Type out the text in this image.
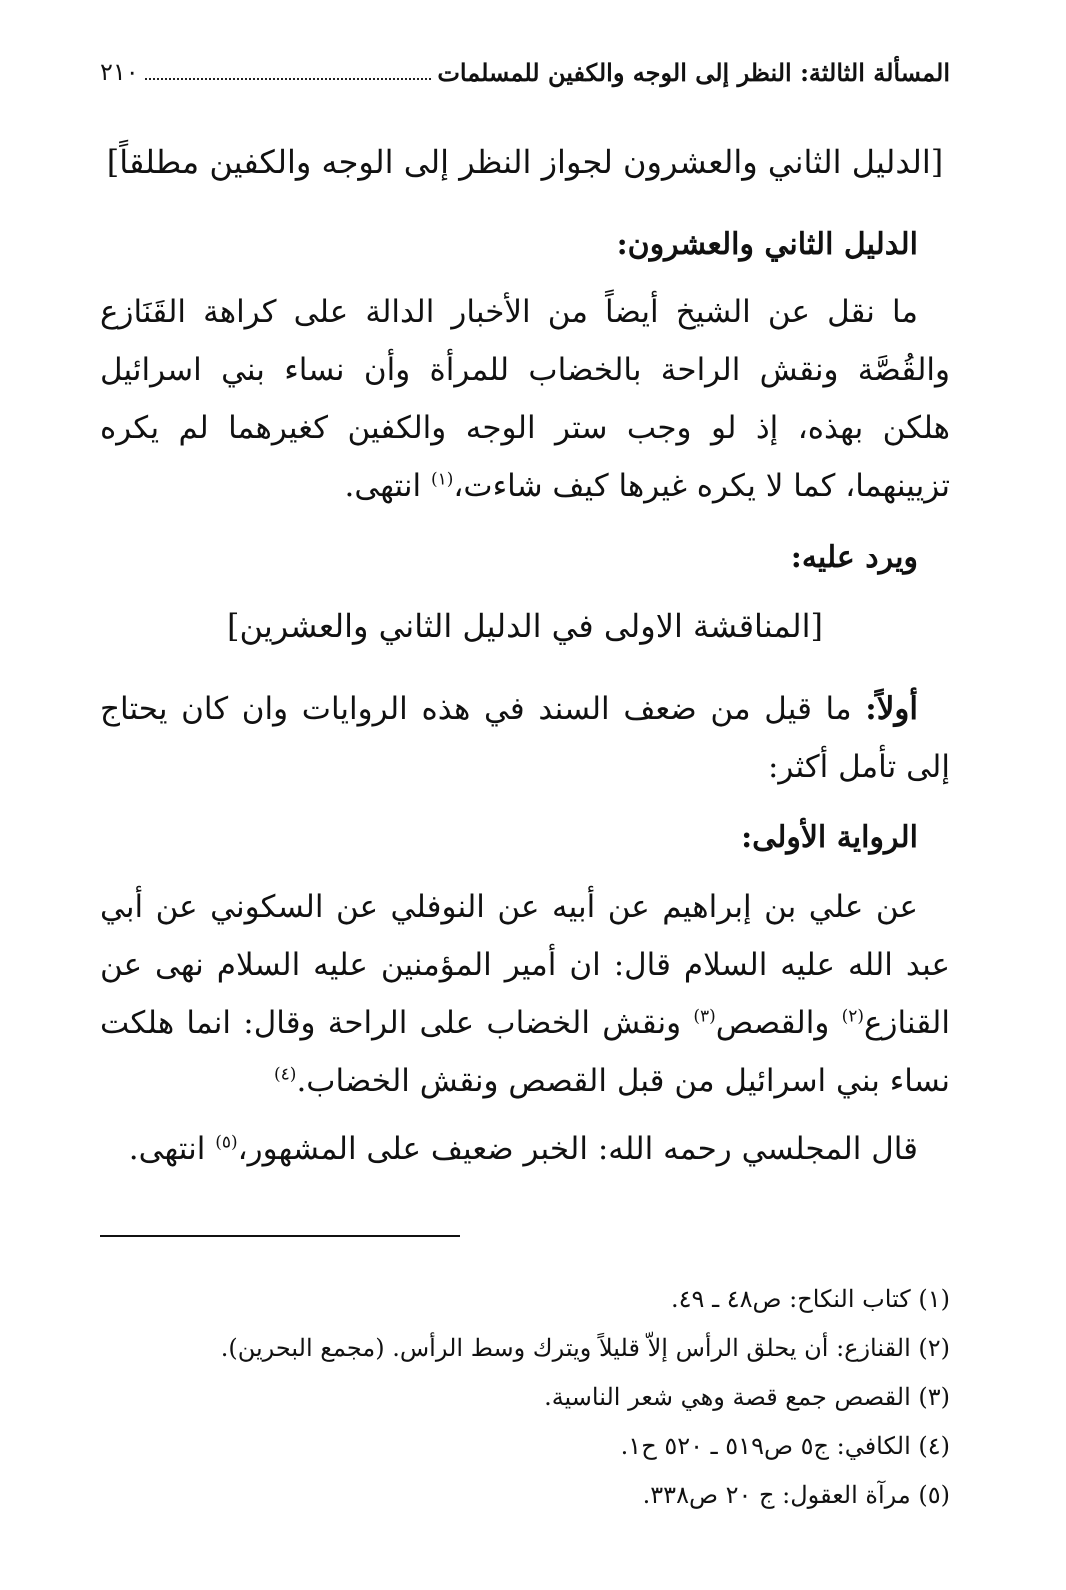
المسألة الثالثة: النظر إلى الوجه والكفين للمسلمات
٢١٠
[الدليل الثاني والعشرون لجواز النظر إلى الوجه والكفين مطلقاً]
الدليل الثاني والعشرون:
ما نقل عن الشيخ أيضاً من الأخبار الدالة على كراهة القَنَازع والقُصَّة ونقش الراحة بالخضاب للمرأة وأن نساء بني اسرائيل هلكن بهذه، إذ لو وجب ستر الوجه والكفين كغيرهما لم يكره تزيينهما، كما لا يكره غيرها كيف شاءت،$^{(١)}$ انتهى.
ويرد عليه:
[المناقشة الاولى في الدليل الثاني والعشرين]
أولاً: ما قيل من ضعف السند في هذه الروايات وان كان يحتاج إلى تأمل أكثر:
الرواية الأولى:
عن علي بن إبراهيم عن أبيه عن النوفلي عن السكوني عن أبي عبد الله عليه السلام قال: ان أمير المؤمنين عليه السلام نهى عن القنازع$^{(٢)}$ والقصص$^{(٣)}$ ونقش الخضاب على الراحة وقال: انما هلكت نساء بني اسرائيل من قبل القصص ونقش الخضاب.$^{(٤)}$
قال المجلسي رحمه الله: الخبر ضعيف على المشهور،$^{(٥)}$ انتهى.
(١) كتاب النكاح: ص٤٨ ـ ٤٩.
(٢) القنازع: أن يحلق الرأس إلاّ قليلاً ويترك وسط الرأس. (مجمع البحرين).
(٣) القصص جمع قصة وهي شعر الناسية.
(٤) الكافي: ج٥ ص٥١٩ ـ ٥٢٠ ح١.
(٥) مرآة العقول: ج ٢٠ ص٣٣٨.
